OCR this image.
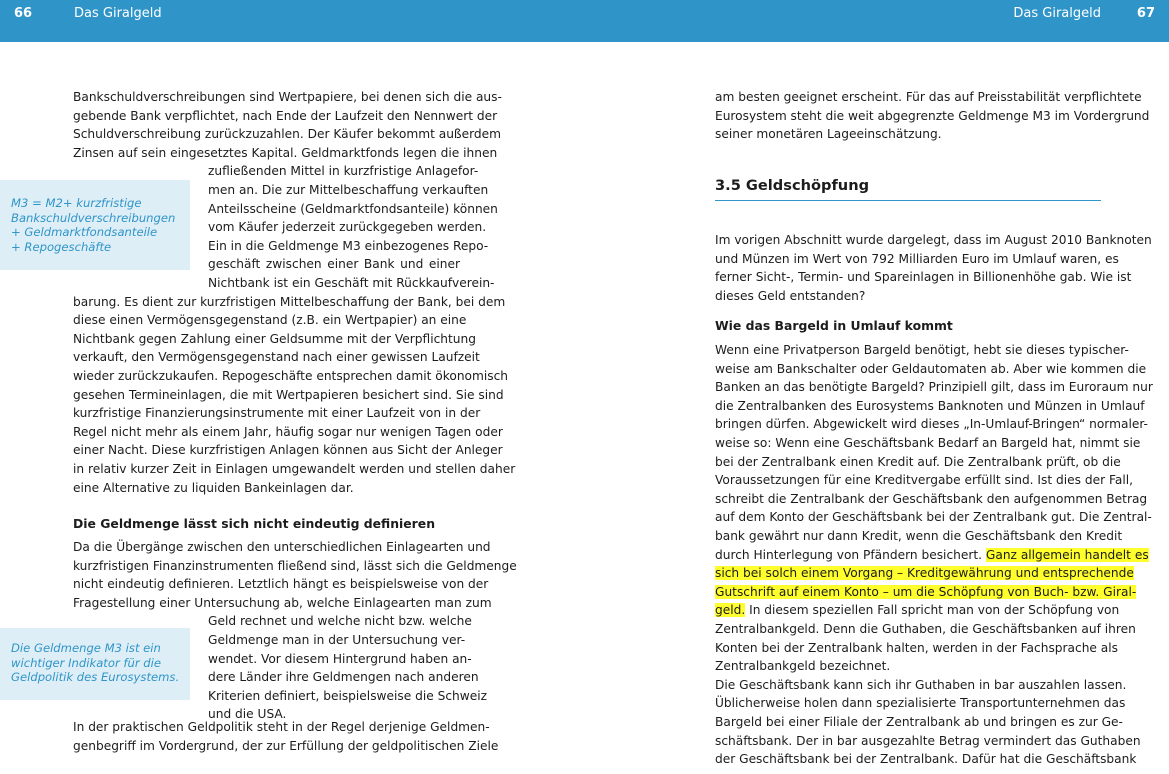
66	Das Giralgeld	Das Giralgeld	67
M3 = M2+ kurzfristige
Bankschuldverschreibungen
+ Geldmarktfondsanteile
+ Repogeschäfte
Die Geldmenge M3 ist ein
wichtiger Indikator für die
Geldpolitik des Eurosystems.
Die Geldmenge lässt sich nicht eindeutig definieren
3.5 Geldschöpfung
Wie das Bargeld in Umlauf kommt
Bankschuldverschreibungen sind Wertpapiere, bei denen sich die aus-
gebende Bank verpflichtet, nach Ende der Laufzeit den Nennwert der
Schuldverschreibung zurückzuzahlen. Der Käufer bekommt außerdem
Zinsen auf sein eingesetztes Kapital. Geldmarktfonds legen die ihnen
zufließenden Mittel in kurzfristige Anlagefor-
men an. Die zur Mittelbeschaffung verkauften
Anteilsscheine (Geldmarktfondsanteile) können
vom Käufer jederzeit zurückgegeben werden.
Ein in die Geldmenge M3 einbezogenes Repo-
geschäft zwischen einer Bank und einer
Nichtbank ist ein Geschäft mit Rückkaufverein-
barung. Es dient zur kurzfristigen Mittelbeschaffung der Bank, bei dem
diese einen Vermögensgegenstand (z.B. ein Wertpapier) an eine
Nichtbank gegen Zahlung einer Geldsumme mit der Verpflichtung
verkauft, den Vermögensgegenstand nach einer gewissen Laufzeit
wieder zurückzukaufen. Repogeschäfte entsprechen damit ökonomisch
gesehen Termineinlagen, die mit Wertpapieren besichert sind. Sie sind
kurzfristige Finanzierungsinstrumente mit einer Laufzeit von in der
Regel nicht mehr als einem Jahr, häufig sogar nur wenigen Tagen oder
einer Nacht. Diese kurzfristigen Anlagen können aus Sicht der Anleger
in relativ kurzer Zeit in Einlagen umgewandelt werden und stellen daher
eine Alternative zu liquiden Bankeinlagen dar.
Da die Übergänge zwischen den unterschiedlichen Einlagearten und
kurzfristigen Finanzinstrumenten fließend sind, lässt sich die Geldmenge
nicht eindeutig definieren. Letztlich hängt es beispielsweise von der
Fragestellung einer Untersuchung ab, welche Einlagearten man zum
Geld rechnet und welche nicht bzw. welche
Geldmenge man in der Untersuchung ver-
wendet. Vor diesem Hintergrund haben an-
dere Länder ihre Geldmengen nach anderen
Kriterien definiert, beispielsweise die Schweiz
und die USA.
In der praktischen Geldpolitik steht in der Regel derjenige Geldmen-
genbegriff im Vordergrund, der zur Erfüllung der geldpolitischen Ziele
am besten geeignet erscheint. Für das auf Preisstabilität verpflichtete
Eurosystem steht die weit abgegrenzte Geldmenge M3 im Vordergrund
seiner monetären Lageeinschätzung.
Im vorigen Abschnitt wurde dargelegt, dass im August 2010 Banknoten
und Münzen im Wert von 792 Milliarden Euro im Umlauf waren, es
ferner Sicht-, Termin- und Spareinlagen in Billionenhöhe gab. Wie ist
dieses Geld entstanden?
Wenn eine Privatperson Bargeld benötigt, hebt sie dieses typischer-
weise am Bankschalter oder Geldautomaten ab. Aber wie kommen die
Banken an das benötigte Bargeld? Prinzipiell gilt, dass im Euroraum nur
die Zentralbanken des Eurosystems Banknoten und Münzen in Umlauf
bringen dürfen. Abgewickelt wird dieses „In-Umlauf-Bringen“ normaler-
weise so: Wenn eine Geschäftsbank Bedarf an Bargeld hat, nimmt sie
bei der Zentralbank einen Kredit auf. Die Zentralbank prüft, ob die
Voraussetzungen für eine Kreditvergabe erfüllt sind. Ist dies der Fall,
schreibt die Zentralbank der Geschäftsbank den aufgenommen Betrag
auf dem Konto der Geschäftsbank bei der Zentralbank gut. Die Zentral-
bank gewährt nur dann Kredit, wenn die Geschäftsbank den Kredit
durch Hinterlegung von Pfändern besichert. Ganz allgemein handelt es
sich bei solch einem Vorgang – Kreditgewährung und entsprechende
Gutschrift auf einem Konto – um die Schöpfung von Buch- bzw. Giral-
geld. In diesem speziellen Fall spricht man von der Schöpfung von
Zentralbankgeld. Denn die Guthaben, die Geschäftsbanken auf ihren
Konten bei der Zentralbank halten, werden in der Fachsprache als
Zentralbankgeld bezeichnet.
Die Geschäftsbank kann sich ihr Guthaben in bar auszahlen lassen.
Üblicherweise holen dann spezialisierte Transportunternehmen das
Bargeld bei einer Filiale der Zentralbank ab und bringen es zur Ge-
schäftsbank. Der in bar ausgezahlte Betrag vermindert das Guthaben
der Geschäftsbank bei der Zentralbank. Dafür hat die Geschäftsbank
